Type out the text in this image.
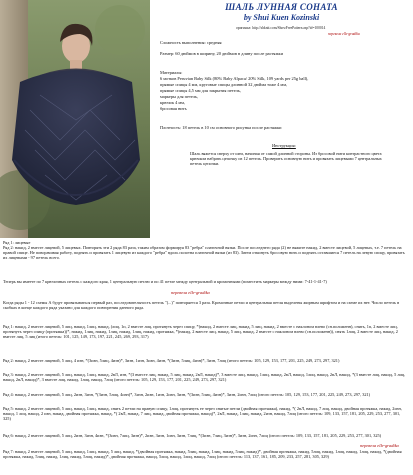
ШАЛЬ ЛУННАЯ СОНАТА
by Shui Kuen Kozinski
оригинал: http://shknit.com/ShowFreePattern.asp?id=100014
перевела elle-gradika
Сложность выполнения: средняя
Размер: 60 дюймов в ширину, 20 дюймов в длину после растяжки
Материалы:
6 мотков Peruvian Baby Silk (80% Baby Alpaca/ 20% Silk, 109 yards per 25g ball),
прямые спицы 4 мм, круговые спицы длинной 32 дюйма тоже 4 мм,
прямые спицы 4,5 мм для закрытия петель,
маркеры для петель,
крючок 4 мм,
бросовая нить
Плотность: 18 петель в 10 см основного рисунка после растяжки
Инструкция:
Шаль вяжется сверху от шеи, начиная от самой длинной стороны. Из бросовой нити контрастного цвета крючком набрать цепочку из 12 петель. Проверить основную нить и провязать лицевыми 7 центральных петель цепочки.

Ряд 1: лицевые

Ряд 2: накид, 2 вместе лицевой, 5 лицевых. Повторять эти 2 ряда 83 раза, таким образом формируя 83 "ребра" платочной вязки. После последнего ряда (2) не вяжите накид, 2 вместе лицевой, 5 лицевых, т.е. 7 петель на правой спице. Не поворачивая работу, поднять и провязать 1 лицевую из каждого "ребра" вдоль полотна платочной вязки (из 83). Затем откинуть бросовую нить и поднять оставшиеся 7 петель на левую спицу, провязать их лицевыми - 97 петель всего.

Теперь вы имеете по 7 крючочных петель с каждого края, 1 центральную петлю и по 41 петле между центральной и кромочными (поместить маркеры между ними: 7-41-1-41-7)

перевела elle-gradika

Когда ряды 1 - 12 схемы А будут провязываться первый раз, последовательность петель "(...)" повторяется 3 раза. Кромочные петли и центральная петля выделены жирным шрифтом и на схеме их нет. Число петель в скобках в конце каждого ряда указано для каждого повторения данного ряда.

Ряд 1: накид, 2 вместе лицевой, 5 лиц, накид, 1лиц, накид, (лиц, 1п, 2 вместе лиц, протянуть через спицу, *(накид, 2 вместе лиц, накид, 5 лиц, накид, 2 вместе с наклоном влево (сн.положенн), снять, 1п, 2 вместе лиц, протянуть через спицу (протяжка))*, накид, 1лиц, накид, 1лиц, накид, 1лиц, накид, протяжка, *(накид, 2 вместе лиц, накид, 5 лиц, накид, 2 вместе с наклоном влево (сн.положенн)), снять 1лиц, 2 вместе лиц, накид, 2 вместе лиц, 5 лиц (итого петель: 101, 125, 149, 173, 197, 221, 245, 269, 293, 317)

Ряд 2: накид, 2 вместе лицевой, 5 лиц, 4 изн, *(3изн, 5лиц, 4изн)*, 3изн, 1изн, 3изн, 4изн, *(3изн, 5лиц, 4изн)*, 3изн, 7лиц (итого петель: 105, 129, 153, 177, 201, 225, 249, 273, 297, 321)

Ряд 3: накид, 2 вместе лицевой, 5 лиц, накид, 1лиц, накид, 2вЛ, изн, *(3 вместе лиц, накид, 5 лиц, накид, 2вЛ, накид)*, 3 вместе лиц, накид, 1лиц, накид, 2вЛ, накид, 1лиц, накид, 2вЛ, накид, *(3 вместе лиц, накид, 5 лиц, накид, 2вЛ, накид)*, 3 вместе лиц, накид, 1лиц, накид, 7лиц (итого петель: 105, 129, 153, 177, 201, 225, 249, 273, 297, 321)

Ряд 4: накид, 2 вместе лицевой, 5 лиц, 2изн, 3изн, *(3изн, 5лиц, 4изн)*, 3изн, 2изн, 1изн, 2изн, 3изн, *(3изн, 5лиц, 4изн)*, 3изн, 2изн, 7лиц (итого петель: 105, 129, 153, 177, 201, 225, 249, 273, 297, 321)

Ряд 5: накид, 2 вместе лицевой, 5 лиц, накид, 1лиц, накид, снять 2 петли на правую спицу, 1лиц, протянуть ее через снятые петли (двойная протяжка), накид, *( 2вЛ, накид, 7 лиц, накид, двойная протяжка, накид, 2изн, накид, 1 лиц, накид, 2 изн, накид, двойная протяжка, накид, *( 2вЛ, накид, 7 лиц, накид, двойная протяжка, накид)*, 2вЛ, накид, 1лиц, накид, 2изн, накид, 7лиц (итого петель: 109, 133, 157, 181, 205, 229, 253, 277, 301, 325)

Ряд 6: накид, 2 вместе лицевой, 5 лиц, 2изн, 3изн, 4изн, *(3изн, 7лиц, 3изн)*, 2изн, 3изн, 1изн, 3изн, 7лиц, *(3изн, 7лиц, 3изн)*, 3изн, 2изн, 7лиц (итого петель: 109, 133, 157, 181, 205, 229, 253, 277, 301, 325)

перевела elle-gradika

Ряд 7: накид, 2 вместе лицевой, 5 лиц, накид, 1лиц, накид, 5 лиц, накид, *(двойная протяжка, накид, 5лиц, накид, 1лиц, накид, 5лиц, накид)*, двойная протяжка, накид, 5лиц, накид, 1лиц, накид, 1лиц, накид, *(двойная протяжка, накид, 5лиц, накид, 1лиц, накид, 5лиц, накид)*, двойная протяжка, накид, 5лиц, накид, 1лиц, накид, 7лиц (итого петель: 113, 137, 161, 185, 209, 233, 257, 281, 305, 329)
